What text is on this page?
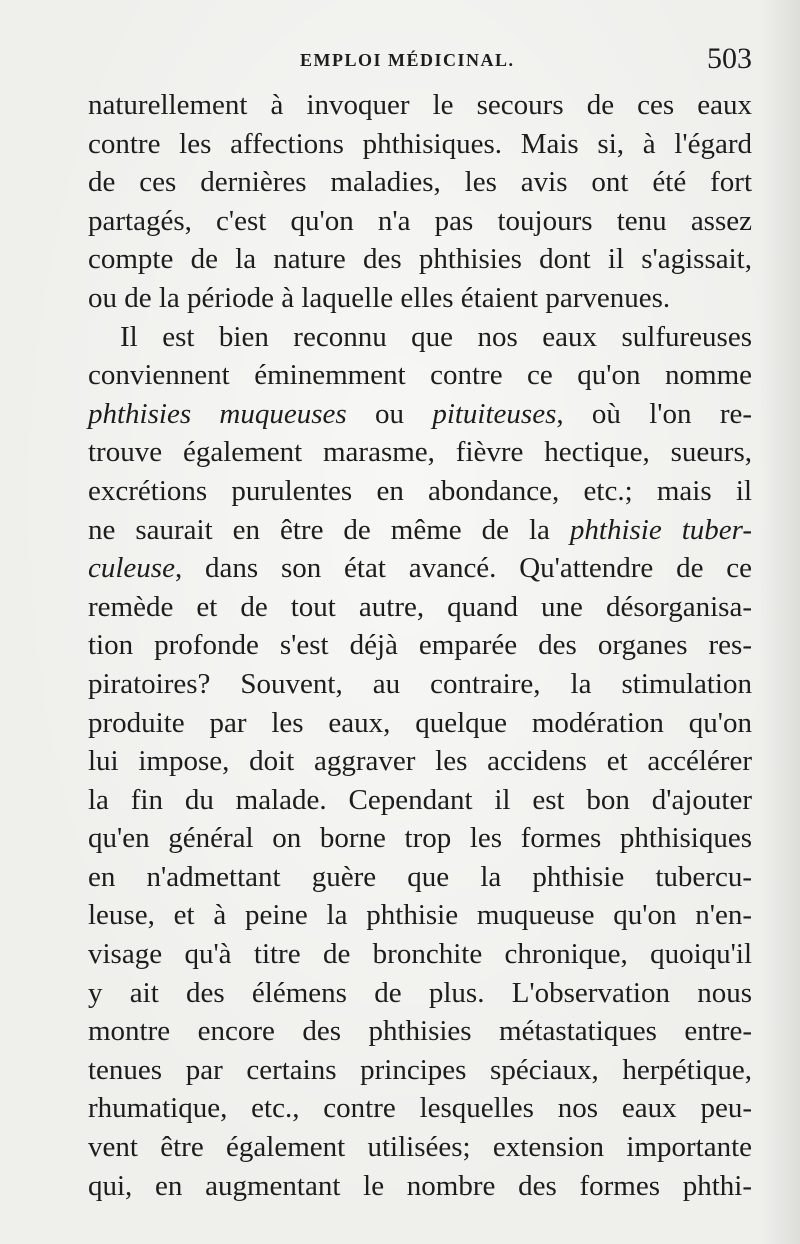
EMPLOI MÉDICINAL.	503
naturellement à invoquer le secours de ces eaux
contre les affections phthisiques. Mais si, à l'égard
de ces dernières maladies, les avis ont été fort
partagés, c'est qu'on n'a pas toujours tenu assez
compte de la nature des phthisies dont il s'agissait,
ou de la période à laquelle elles étaient parvenues.
Il est bien reconnu que nos eaux sulfureuses
conviennent éminemment contre ce qu'on nomme
phthisies muqueuses ou pituiteuses, où l'on re-
trouve également marasme, fièvre hectique, sueurs,
excrétions purulentes en abondance, etc.; mais il
ne saurait en être de même de la phthisie tuber-
culeuse, dans son état avancé. Qu'attendre de ce
remède et de tout autre, quand une désorganisa-
tion profonde s'est déjà emparée des organes res-
piratoires? Souvent, au contraire, la stimulation
produite par les eaux, quelque modération qu'on
lui impose, doit aggraver les accidens et accélérer
la fin du malade. Cependant il est bon d'ajouter
qu'en général on borne trop les formes phthisiques
en n'admettant guère que la phthisie tubercu-
leuse, et à peine la phthisie muqueuse qu'on n'en-
visage qu'à titre de bronchite chronique, quoiqu'il
y ait des élémens de plus. L'observation nous
montre encore des phthisies métastatiques entre-
tenues par certains principes spéciaux, herpétique,
rhumatique, etc., contre lesquelles nos eaux peu-
vent être également utilisées; extension importante
qui, en augmentant le nombre des formes phthi-
